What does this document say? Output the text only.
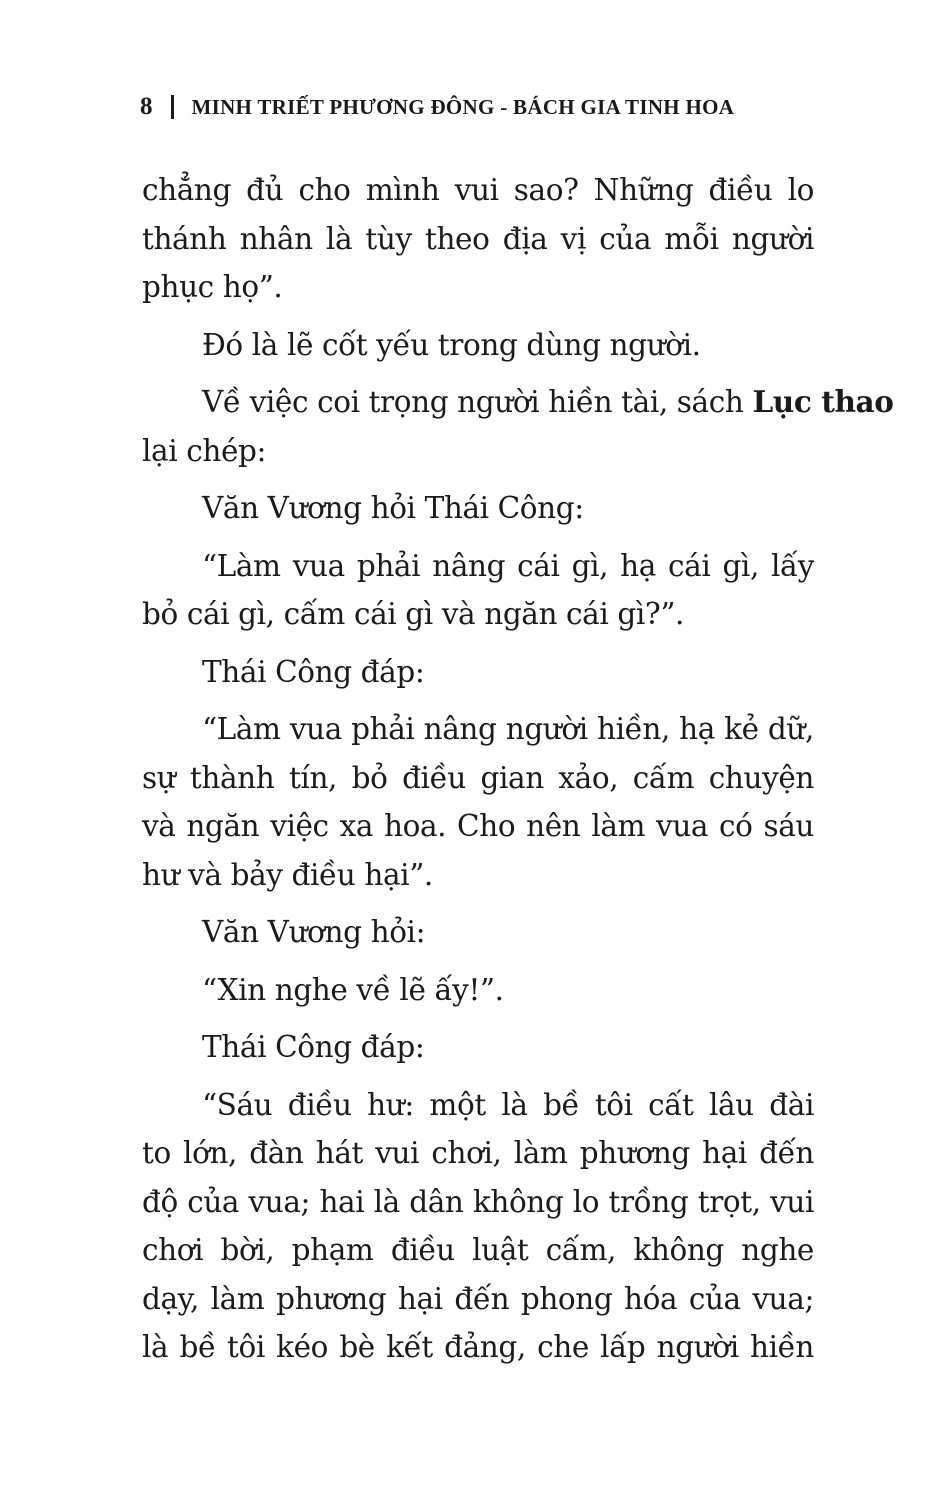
8 MINH TRIẾT PHƯƠNG ĐÔNG - BÁCH GIA TINH HOA
chẳng đủ cho mình vui sao? Những điều lo
thánh nhân là tùy theo địa vị của mỗi người
phục họ”.
Đó là lẽ cốt yếu trong dùng người.
Về việc coi trọng người hiền tài, sách Lục thao
lại chép:
Văn Vương hỏi Thái Công:
“Làm vua phải nâng cái gì, hạ cái gì, lấy
bỏ cái gì, cấm cái gì và ngăn cái gì?”.
Thái Công đáp:
“Làm vua phải nâng người hiền, hạ kẻ dữ,
sự thành tín, bỏ điều gian xảo, cấm chuyện
và ngăn việc xa hoa. Cho nên làm vua có sáu
hư và bảy điều hại”.
Văn Vương hỏi:
“Xin nghe về lẽ ấy!”.
Thái Công đáp:
“Sáu điều hư: một là bề tôi cất lâu đài
to lớn, đàn hát vui chơi, làm phương hại đến
độ của vua; hai là dân không lo trồng trọt, vui
chơi bời, phạm điều luật cấm, không nghe
dạy, làm phương hại đến phong hóa của vua;
là bề tôi kéo bè kết đảng, che lấp người hiền
